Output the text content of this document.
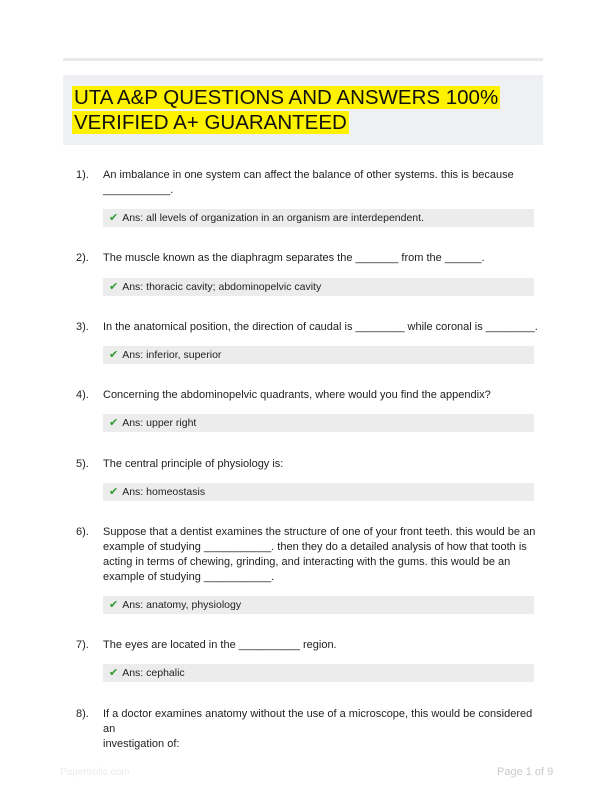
UTA A&P QUESTIONS AND ANSWERS 100%
VERIFIED A+ GUARANTEED
1). An imbalance in one system can affect the balance of other systems. this is because
___________.
✔ Ans: all levels of organization in an organism are interdependent.
2). The muscle known as the diaphragm separates the _______ from the ______.
✔ Ans: thoracic cavity; abdominopelvic cavity
3). In the anatomical position, the direction of caudal is ________ while coronal is ________.
✔ Ans: inferior, superior
4). Concerning the abdominopelvic quadrants, where would you find the appendix?
✔ Ans: upper right
5). The central principle of physiology is:
✔ Ans: homeostasis
6). Suppose that a dentist examines the structure of one of your front teeth. this would be an
example of studying ___________. then they do a detailed analysis of how that tooth is
acting in terms of chewing, grinding, and interacting with the gums. this would be an
example of studying ___________.
✔ Ans: anatomy, physiology
7). The eyes are located in the __________ region.
✔ Ans: cephalic
8). If a doctor examines anatomy without the use of a microscope, this would be considered an
investigation of:
Papertrolic.com	Page 1 of 9
